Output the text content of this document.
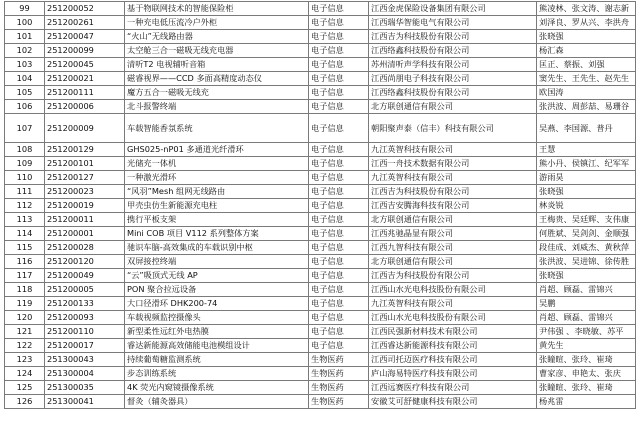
99	251200052	基于物联网技术的智能保险柜	电子信息	江西金虎保险设备集团有限公司	熊凌林、张文涛、谢志新
100	251200261	一种充电低压流冷户外柜	电子信息	江西瑞华智能电气有限公司	刘泽良、罗从兴、李洪舟
101	251200047	“火山”无线路由器	电子信息	江西吉为科技股份有限公司	张晓强
102	251200099	太空舱三合一磁吸无线充电器	电子信息	江西络鑫科技股份有限公司	杨汇森
103	251200045	清听T2 电视辅听音箱	电子信息	苏州清听声学科技有限公司	匡正、蔡振、刘强
104	251200021	磁睿视界——CCD 多面高精度动态仪	电子信息	江西尚朋电子科技有限公司	窦先生、王先生、赵先生
105	251200111	魔方五合一磁吸无线充	电子信息	江西络鑫科技股份有限公司	欧国涛
106	251200006	北斗报警终端	电子信息	北方联创通信有限公司	张洪波、周彭喆、易珊谷
107	251200009	车载智能香氛系统	电子信息	朝阳聚声泰（信丰）科技有限公司	吴燕、李国源、普丹
108	251200129	GHS025-nP01 多通道光纤滑环	电子信息	九江英智科技有限公司	王慧
109	251200101	光储充一体机	电子信息	江西一舟技术数据有限公司	熊小丹、侯镇江、纪军军
110	251200127	一种激光滑环	电子信息	九江英智科技有限公司	游雨昊
111	251200023	“风羽”Mesh 组网无线路由	电子信息	江西吉为科技股份有限公司	张晓强
112	251200019	甲壳虫仿生新能源充电柱	电子信息	江西吉安腾海科技有限公司	林炎锐
113	251200011	携行平板支架	电子信息	北方联创通信有限公司	王梅贵、吴廷辉、支伟康
114	251200001	Mini COB 项目 V112 系列整体方案	电子信息	江西兆驰晶显有限公司	何胜斌、吴剑剑、金顺强
115	251200028	驰识车脑-高效集成的车载识别中枢	电子信息	江西九智科技有限公司	段佳成、刘威杰、黄秋萍
116	251200120	双屏接控终端	电子信息	北方联创通信有限公司	张洪波、吴进锦、徐传胜
117	251200049	“云”吸顶式无线 AP	电子信息	江西吉为科技股份有限公司	张晓强
118	251200005	PON 聚合拉远设备	电子信息	江西山水光电科技股份有限公司	肖超、顾磊、雷锦兴
119	251200133	大口径滑环 DHK200-74	电子信息	九江英智科技有限公司	吴鹏
120	251200093	车载视频监控摄像头	电子信息	江西山水光电科技股份有限公司	肖超、顾磊、雷锦兴
121	251200110	新型柔性远红外电热膜	电子信息	江西民强新材料技术有限公司	尹伟强 、李晓敏、苏平
122	251200017	睿达新能源高效储能电池模组设计	电子信息	江西睿达新能源科技有限公司	黄先生
123	251300043	持续葡萄糖监测系统	生物医药	江西司托迈医疗科技有限公司	张瞳暄、张玲、崔琦
124	251300004	步态训练系统	生物医药	庐山海易特医疗科技有限公司	曹家彦、申艳太、张庆
125	251300035	4K 荧光内窥镜摄像系统	生物医药	江西远赛医疗科技有限公司	张瞳暄、张玲、崔琦
126	251300041	督灸（辅灸器具）	生物医药	安徽艾可舒健康科技有限公司	杨兆雷
